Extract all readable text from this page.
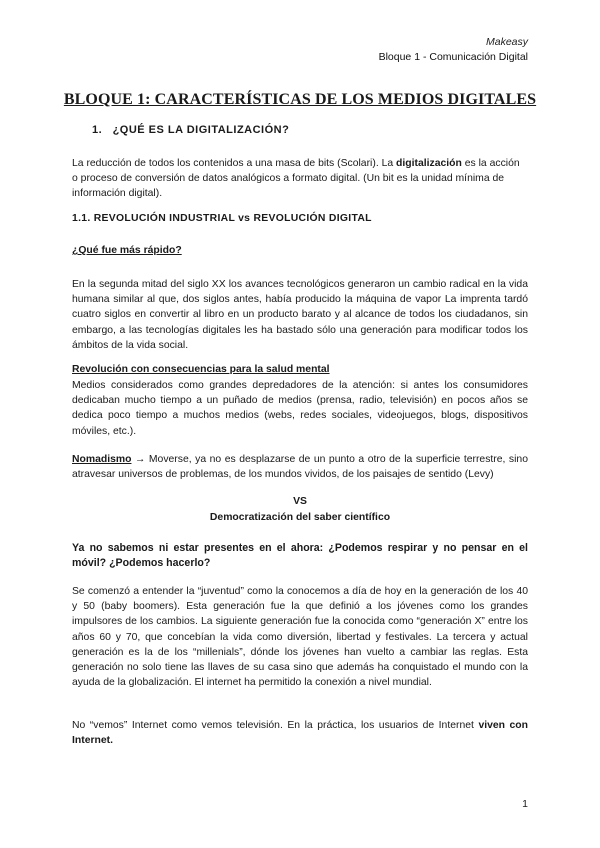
Makeasy
Bloque 1 - Comunicación Digital
BLOQUE 1: CARACTERÍSTICAS DE LOS MEDIOS DIGITALES
1. ¿QUÉ ES LA DIGITALIZACIÓN?
La reducción de todos los contenidos a una masa de bits (Scolari). La digitalización es la acción o proceso de conversión de datos analógicos a formato digital. (Un bit es la unidad mínima de información digital).
1.1. REVOLUCIÓN INDUSTRIAL vs REVOLUCIÓN DIGITAL
¿Qué fue más rápido?
En la segunda mitad del siglo XX los avances tecnológicos generaron un cambio radical en la vida humana similar al que, dos siglos antes, había producido la máquina de vapor La imprenta tardó cuatro siglos en convertir al libro en un producto barato y al alcance de todos los ciudadanos, sin embargo, a las tecnologías digitales les ha bastado sólo una generación para modificar todos los ámbitos de la vida social.
Revolución con consecuencias para la salud mental
Medios considerados como grandes depredadores de la atención: si antes los consumidores dedicaban mucho tiempo a un puñado de medios (prensa, radio, televisión) en pocos años se dedica poco tiempo a muchos medios (webs, redes sociales, videojuegos, blogs, dispositivos móviles, etc.).
Nomadismo → Moverse, ya no es desplazarse de un punto a otro de la superficie terrestre, sino atravesar universos de problemas, de los mundos vividos, de los paisajes de sentido (Levy)
VS
Democratización del saber científico
Ya no sabemos ni estar presentes en el ahora: ¿Podemos respirar y no pensar en el móvil? ¿Podemos hacerlo?
Se comenzó a entender la “juventud” como la conocemos a día de hoy en la generación de los 40 y 50 (baby boomers). Esta generación fue la que definió a los jóvenes como los grandes impulsores de los cambios. La siguiente generación fue la conocida como “generación X” entre los años 60 y 70, que concebían la vida como diversión, libertad y festivales. La tercera y actual generación es la de los “millenials”, dónde los jóvenes han vuelto a cambiar las reglas. Esta generación no solo tiene las llaves de su casa sino que además ha conquistado el mundo con la ayuda de la globalización. El internet ha permitido la conexión a nivel mundial.
No “vemos” Internet como vemos televisión. En la práctica, los usuarios de Internet viven con Internet.
1
